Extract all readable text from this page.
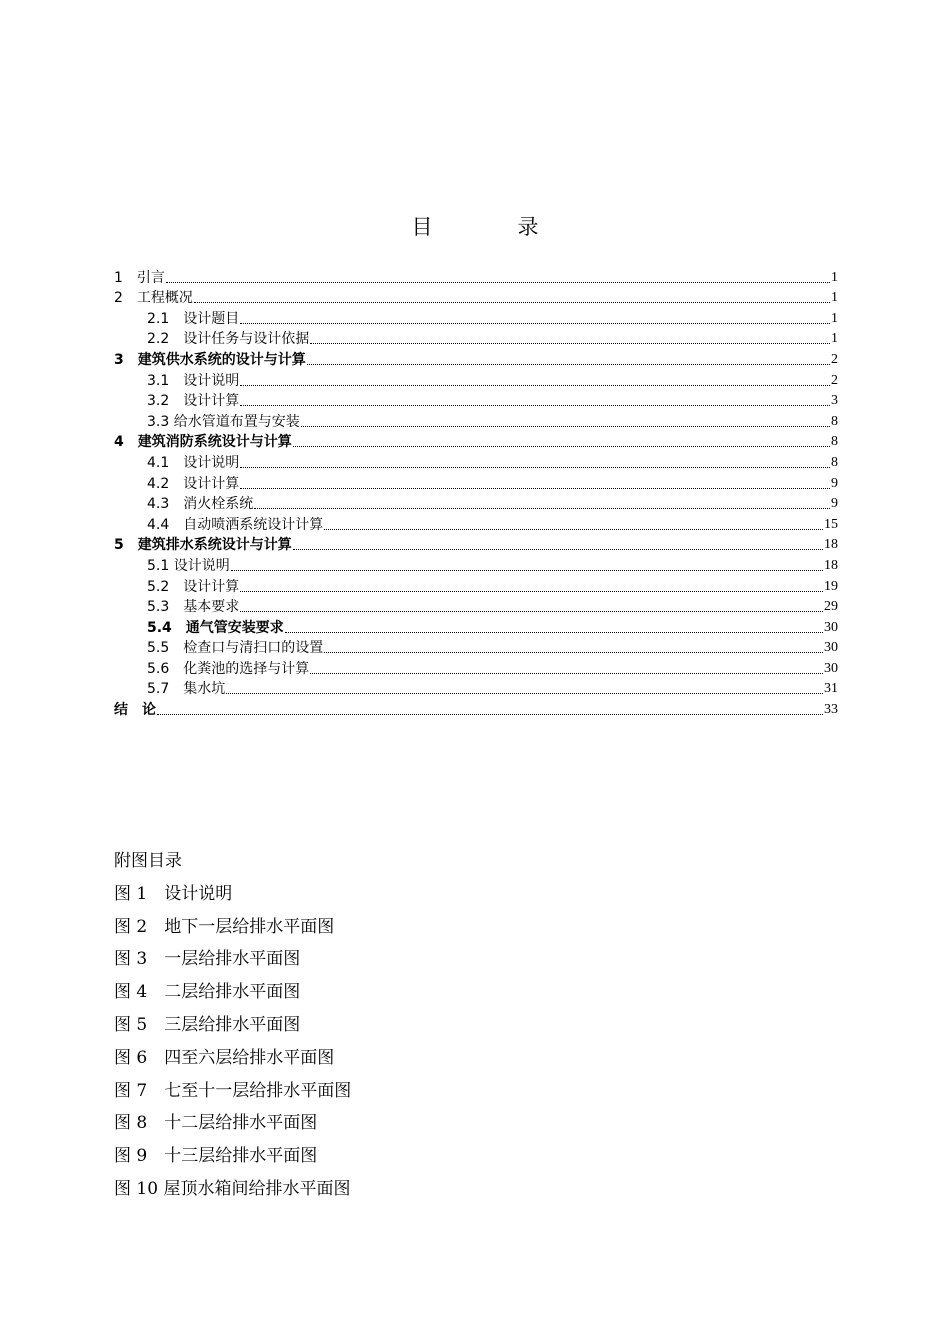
目　录
1　引言	1
2　工程概况	1
2.1　设计题目	1
2.2　设计任务与设计依据	1
3　建筑供水系统的设计与计算	2
3.1　设计说明	2
3.2　设计计算	3
3.3 给水管道布置与安装	8
4　建筑消防系统设计与计算	8
4.1　设计说明	8
4.2　设计计算	9
4.3　消火栓系统	9
4.4　自动喷洒系统设计计算	15
5　建筑排水系统设计与计算	18
5.1 设计说明	18
5.2　设计计算	19
5.3　基本要求	29
5.4　通气管安装要求	30
5.5　检查口与清扫口的设置	30
5.6　化粪池的选择与计算	30
5.7　集水坑	31
结　论	33
附图目录
图 1　设计说明
图 2　地下一层给排水平面图
图 3　一层给排水平面图
图 4　二层给排水平面图
图 5　三层给排水平面图
图 6　四至六层给排水平面图
图 7　七至十一层给排水平面图
图 8　十二层给排水平面图
图 9　十三层给排水平面图
图 10 屋顶水箱间给排水平面图
